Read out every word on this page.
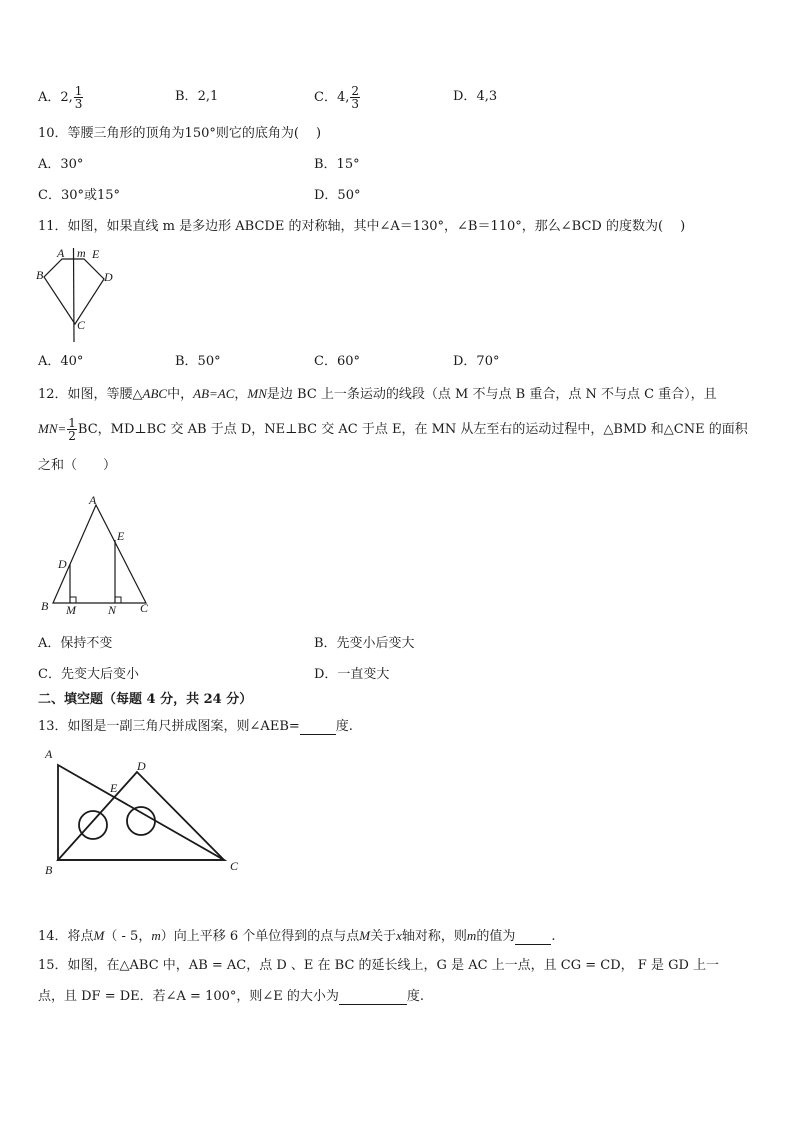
A．2, $\frac{1}{3}$	B．2,1	C．4, $\frac{2}{3}$	D．4,3
10．等腰三角形的顶角为150°则它的底角为(　 )
A．30°	B．15°
C．30°或15°	D．50°
11．如图，如果直线 m 是多边形 ABCDE 的对称轴，其中∠A＝130°，∠B＝110°，那么∠BCD 的度数为(　 )
A m E
B	D
C
A．40°	B．50°	C．60°	D．70°
12．如图，等腰△ABC中，AB=AC，MN是边 BC 上一条运动的线段（点 M 不与点 B 重合，点 N 不与点 C 重合），且
$MN= \frac{1}{2}$ BC，MD⊥BC 交 AB 于点 D，NE⊥BC 交 AC 于点 E，在 MN 从左至右的运动过程中，△BMD 和△CNE 的面积
之和（　　）
A
E
D
B M	N C
A．保持不变	B．先变小后变大
C．先变大后变小	D．一直变大
二、填空题（每题 4 分，共 24 分）
13．如图是一副三角尺拼成图案，则∠AEB=	度.
A
D
E
B	C
14．将点M（ - 5，m）向上平移 6 个单位得到的点与点M关于x轴对称，则m的值为	.
15．如图，在△ABC 中，AB = AC，点 D 、E 在 BC 的延长线上，G 是 AC 上一点，且 CG = CD， F 是 GD 上一
点，且 DF = DE．若∠A = 100°，则∠E 的大小为	度.
